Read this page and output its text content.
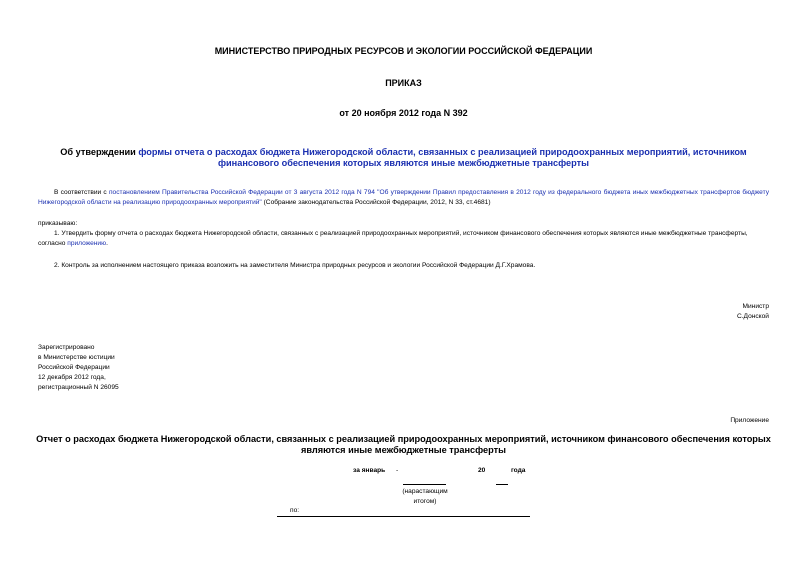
МИНИСТЕРСТВО ПРИРОДНЫХ РЕСУРСОВ И ЭКОЛОГИИ РОССИЙСКОЙ ФЕДЕРАЦИИ
ПРИКАЗ
от 20 ноября 2012 года N 392
Об утверждении формы отчета о расходах бюджета Нижегородской области, связанных с реализацией природоохранных мероприятий, источником финансового обеспечения которых являются иные межбюджетные трансферты
В соответствии с постановлением Правительства Российской Федерации от 3 августа 2012 года N 794 "Об утверждении Правил предоставления в 2012 году из федерального бюджета иных межбюджетных трансфертов бюджету Нижегородской области на реализацию природоохранных мероприятий" (Собрание законодательства Российской Федерации, 2012, N 33, ст.4681)
приказываю:
1. Утвердить форму отчета о расходах бюджета Нижегородской области, связанных с реализацией природоохранных мероприятий, источником финансового обеспечения которых являются иные межбюджетные трансферты, согласно приложению.
2. Контроль за исполнением настоящего приказа возложить на заместителя Министра природных ресурсов и экологии Российской Федерации Д.Г.Храмова.
Министр
С.Донской
Зарегистрировано
в Министерстве юстиции
Российской Федерации
12 декабря 2012 года,
регистрационный N 26095
Приложение
Отчет о расходах бюджета Нижегородской области, связанных с реализацией природоохранных мероприятий, источником финансового обеспечения которых являются иные межбюджетные трансферты
за январь -	20	года
(нарастающим
итогом)
по:
